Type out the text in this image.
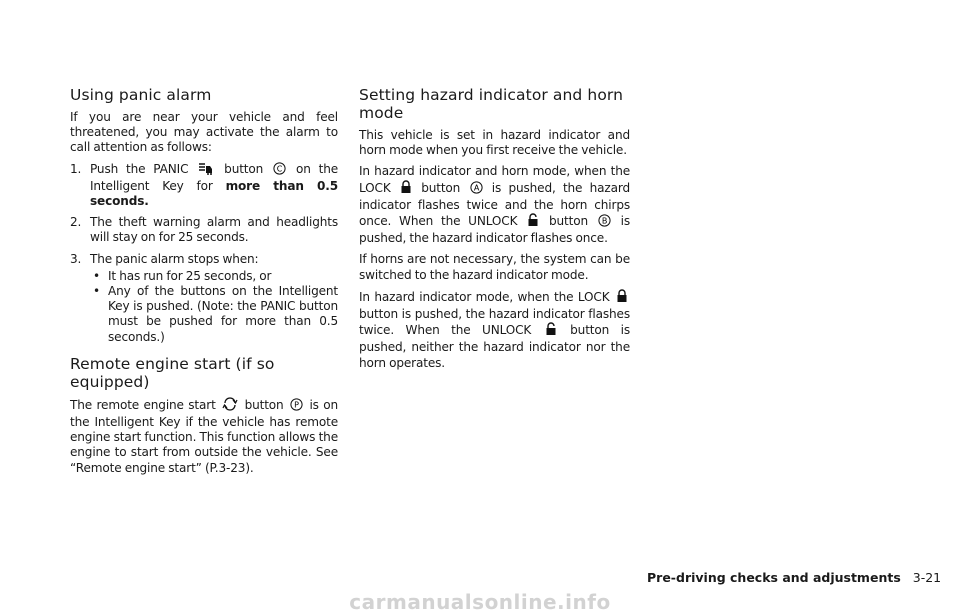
Using panic alarm

If you are near your vehicle and feel threatened, you may activate the alarm to call attention as follows:

1. Push the PANIC	button C on the Intelligent Key for more than 0.5 seconds.
2. The theft warning alarm and headlights will stay on for 25 seconds.
3. The panic alarm stops when:
• It has run for 25 seconds, or
• Any of the buttons on the Intelligent Key is pushed. (Note: the PANIC button must be pushed for more than 0.5 seconds.)
Remote engine start (if so
equipped)

The remote engine start button P is on the Intelligent Key if the vehicle has remote engine start function. This function allows the engine to start from outside the vehicle. See “Remote engine start” (P.3-23).

Setting hazard indicator and horn
mode

This vehicle is set in hazard indicator and horn mode when you first receive the vehicle.

In hazard indicator and horn mode, when the LOCK	button A is pushed, the hazard indicator flashes twice and the horn chirps once. When the UNLOCK	button B is pushed, the hazard indicator flashes once.

If horns are not necessary, the system can be switched to the hazard indicator mode.

In hazard indicator mode, when the LOCK  button is pushed, the hazard indicator flashes twice. When the UNLOCK	button is pushed, neither the hazard indicator nor the horn operates.

Pre-driving checks and adjustments 3-21
carmanualsonline.info
